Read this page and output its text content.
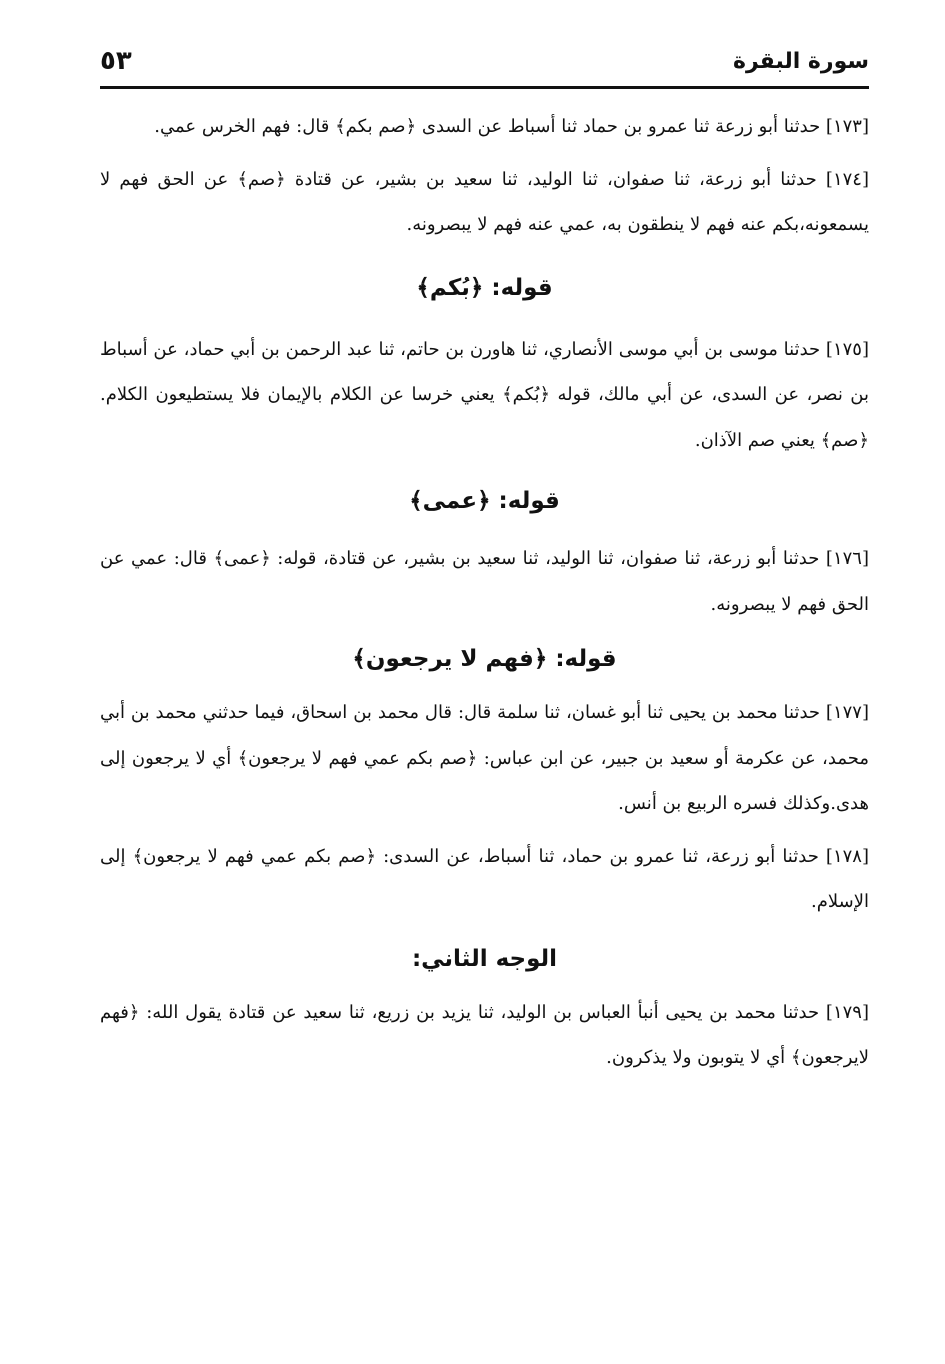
سورة البقرة
٥٣

[١٧٣] حدثنا أبو زرعة ثنا عمرو بن حماد ثنا أسباط عن السدى ﴿صم بكم﴾ قال: فهم الخرس عمي.

[١٧٤] حدثنا أبو زرعة، ثنا صفوان، ثنا الوليد، ثنا سعيد بن بشير، عن قتادة ﴿صم﴾ عن الحق فهم لا يسمعونه،بكم عنه فهم لا ينطقون به، عمي عنه فهم لا يبصرونه.

قوله: ﴿بُكم﴾

[١٧٥] حدثنا موسى بن أبي موسى الأنصاري، ثنا هاورن بن حاتم، ثنا عبد الرحمن بن أبي حماد، عن أسباط بن نصر، عن السدى، عن أبي مالك، قوله ﴿بُكم﴾ يعني خرسا عن الكلام بالإيمان فلا يستطيعون الكلام. ﴿صم﴾ يعني صم الآذان.

قوله: ﴿عمى﴾

[١٧٦] حدثنا أبو زرعة، ثنا صفوان، ثنا الوليد، ثنا سعيد بن بشير، عن قتادة، قوله: ﴿عمى﴾ قال: عمي عن الحق فهم لا يبصرونه.

قوله: ﴿فهم لا يرجعون﴾

[١٧٧] حدثنا محمد بن يحيى ثنا أبو غسان، ثنا سلمة قال: قال محمد بن اسحاق، فيما حدثني محمد بن أبي محمد، عن عكرمة أو سعيد بن جبير، عن ابن عباس: ﴿صم بكم عمي فهم لا يرجعون﴾ أي لا يرجعون إلى هدى.وكذلك فسره الربيع بن أنس.

[١٧٨] حدثنا أبو زرعة، ثنا عمرو بن حماد، ثنا أسباط، عن السدى: ﴿صم بكم عمي فهم لا يرجعون﴾ إلى الإسلام.

الوجه الثاني:

[١٧٩] حدثنا محمد بن يحيى أنبأ العباس بن الوليد، ثنا يزيد بن زريع، ثنا سعيد عن قتادة يقول الله: ﴿فهم لايرجعون﴾ أي لا يتوبون ولا يذكرون.
